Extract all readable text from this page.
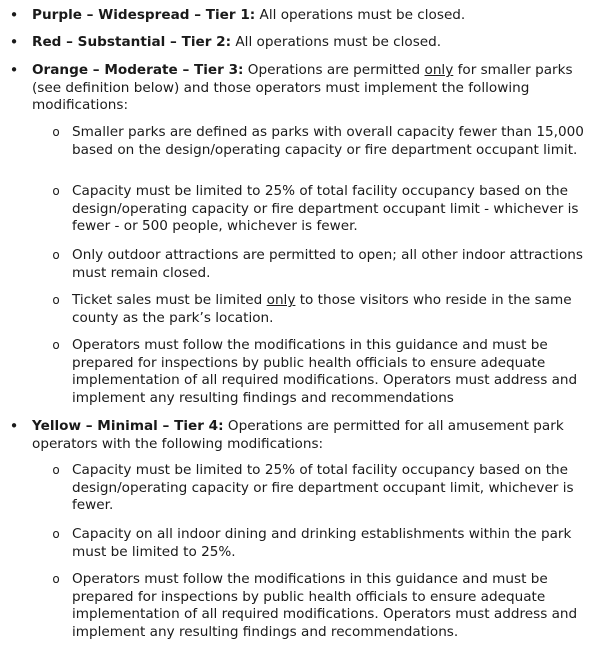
• Purple – Widespread – Tier 1: All operations must be closed.
• Red – Substantial – Tier 2: All operations must be closed.
• Orange – Moderate – Tier 3: Operations are permitted only for smaller parks (see definition below) and those operators must implement the following modifications:
o Smaller parks are defined as parks with overall capacity fewer than 15,000 based on the design/operating capacity or fire department occupant limit.
o Capacity must be limited to 25% of total facility occupancy based on the design/operating capacity or fire department occupant limit - whichever is fewer - or 500 people, whichever is fewer.
o Only outdoor attractions are permitted to open; all other indoor attractions must remain closed.
o Ticket sales must be limited only to those visitors who reside in the same county as the park’s location.
o Operators must follow the modifications in this guidance and must be prepared for inspections by public health officials to ensure adequate implementation of all required modifications. Operators must address and implement any resulting findings and recommendations
• Yellow – Minimal – Tier 4: Operations are permitted for all amusement park operators with the following modifications:
o Capacity must be limited to 25% of total facility occupancy based on the design/operating capacity or fire department occupant limit, whichever is fewer.
o Capacity on all indoor dining and drinking establishments within the park must be limited to 25%.
o Operators must follow the modifications in this guidance and must be prepared for inspections by public health officials to ensure adequate implementation of all required modifications. Operators must address and implement any resulting findings and recommendations.
